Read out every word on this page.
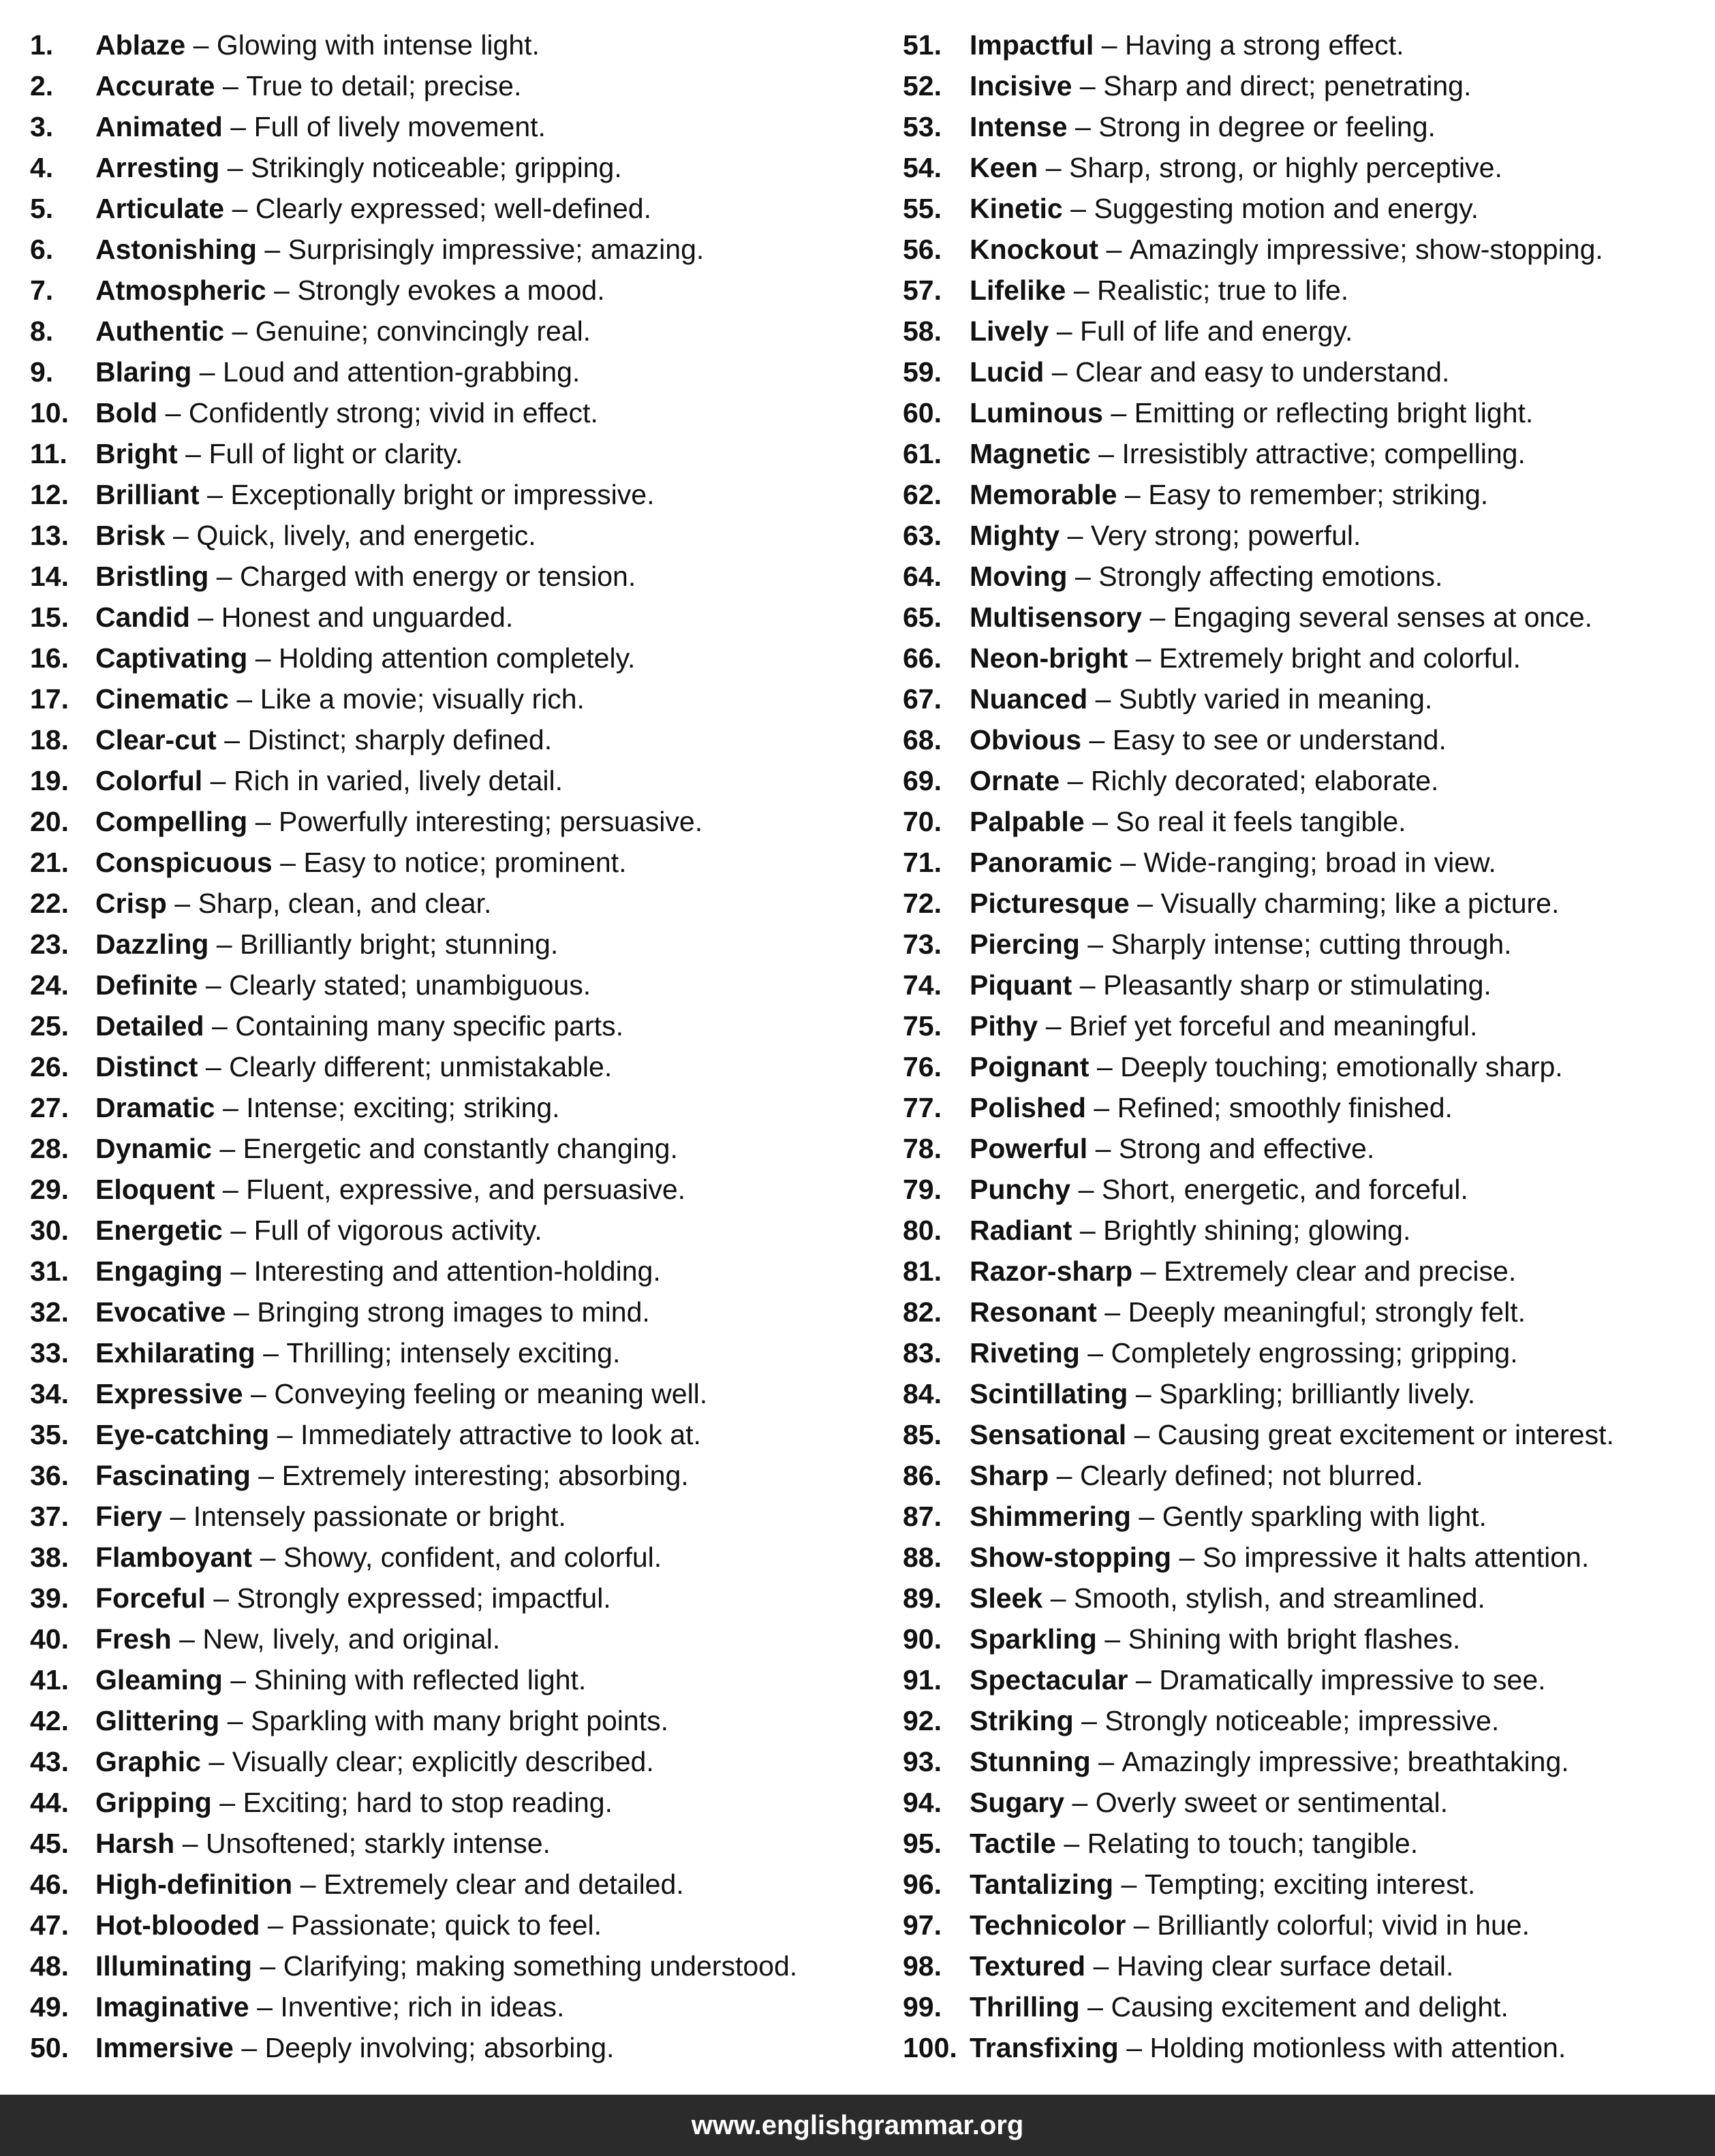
1.	Ablaze – Glowing with intense light.
2.	Accurate – True to detail; precise.
3.	Animated – Full of lively movement.
4.	Arresting – Strikingly noticeable; gripping.
5.	Articulate – Clearly expressed; well-defined.
6.	Astonishing – Surprisingly impressive; amazing.
7.	Atmospheric – Strongly evokes a mood.
8.	Authentic – Genuine; convincingly real.
9.	Blaring – Loud and attention-grabbing.
10. Bold – Confidently strong; vivid in effect.
11.	Bright – Full of light or clarity.
12. Brilliant – Exceptionally bright or impressive.
13. Brisk – Quick, lively, and energetic.
14. Bristling – Charged with energy or tension.
15. Candid – Honest and unguarded.
16. Captivating – Holding attention completely.
17. Cinematic – Like a movie; visually rich.
18. Clear-cut – Distinct; sharply defined.
19. Colorful – Rich in varied, lively detail.
20. Compelling – Powerfully interesting; persuasive.
21. Conspicuous – Easy to notice; prominent.
22. Crisp – Sharp, clean, and clear.
23. Dazzling – Brilliantly bright; stunning.
24. Definite – Clearly stated; unambiguous.
25. Detailed – Containing many specific parts.
26. Distinct – Clearly different; unmistakable.
27. Dramatic – Intense; exciting; striking.
28. Dynamic – Energetic and constantly changing.
29. Eloquent – Fluent, expressive, and persuasive.
30. Energetic – Full of vigorous activity.
31. Engaging – Interesting and attention-holding.
32. Evocative – Bringing strong images to mind.
33. Exhilarating – Thrilling; intensely exciting.
34. Expressive – Conveying feeling or meaning well.
35. Eye-catching – Immediately attractive to look at.
36. Fascinating – Extremely interesting; absorbing.
37. Fiery – Intensely passionate or bright.
38. Flamboyant – Showy, confident, and colorful.
39. Forceful – Strongly expressed; impactful.
40. Fresh – New, lively, and original.
41. Gleaming – Shining with reflected light.
42. Glittering – Sparkling with many bright points.
43. Graphic – Visually clear; explicitly described.
44. Gripping – Exciting; hard to stop reading.
45. Harsh – Unsoftened; starkly intense.
46. High-definition – Extremely clear and detailed.
47. Hot-blooded – Passionate; quick to feel.
48. Illuminating – Clarifying; making something understood.
49. Imaginative – Inventive; rich in ideas.
50. Immersive – Deeply involving; absorbing.
51.	Impactful – Having a strong effect.
52.	Incisive – Sharp and direct; penetrating.
53.	Intense – Strong in degree or feeling.
54.	Keen – Sharp, strong, or highly perceptive.
55.	Kinetic – Suggesting motion and energy.
56.	Knockout – Amazingly impressive; show-stopping.
57.	Lifelike – Realistic; true to life.
58.	Lively – Full of life and energy.
59.	Lucid – Clear and easy to understand.
60.	Luminous – Emitting or reflecting bright light.
61.	Magnetic – Irresistibly attractive; compelling.
62.	Memorable – Easy to remember; striking.
63.	Mighty – Very strong; powerful.
64.	Moving – Strongly affecting emotions.
65.	Multisensory – Engaging several senses at once.
66.	Neon-bright – Extremely bright and colorful.
67.	Nuanced – Subtly varied in meaning.
68.	Obvious – Easy to see or understand.
69.	Ornate – Richly decorated; elaborate.
70.	Palpable – So real it feels tangible.
71.	Panoramic – Wide-ranging; broad in view.
72.	Picturesque – Visually charming; like a picture.
73.	Piercing – Sharply intense; cutting through.
74.	Piquant – Pleasantly sharp or stimulating.
75.	Pithy – Brief yet forceful and meaningful.
76.	Poignant – Deeply touching; emotionally sharp.
77.	Polished – Refined; smoothly finished.
78.	Powerful – Strong and effective.
79.	Punchy – Short, energetic, and forceful.
80.	Radiant – Brightly shining; glowing.
81.	Razor-sharp – Extremely clear and precise.
82.	Resonant – Deeply meaningful; strongly felt.
83.	Riveting – Completely engrossing; gripping.
84.	Scintillating – Sparkling; brilliantly lively.
85.	Sensational – Causing great excitement or interest.
86.	Sharp – Clearly defined; not blurred.
87.	Shimmering – Gently sparkling with light.
88.	Show-stopping – So impressive it halts attention.
89.	Sleek – Smooth, stylish, and streamlined.
90.	Sparkling – Shining with bright flashes.
91.	Spectacular – Dramatically impressive to see.
92.	Striking – Strongly noticeable; impressive.
93.	Stunning – Amazingly impressive; breathtaking.
94.	Sugary – Overly sweet or sentimental.
95.	Tactile – Relating to touch; tangible.
96.	Tantalizing – Tempting; exciting interest.
97.	Technicolor – Brilliantly colorful; vivid in hue.
98.	Textured – Having clear surface detail.
99.	Thrilling – Causing excitement and delight.
100. Transfixing – Holding motionless with attention.
www.englishgrammar.org
